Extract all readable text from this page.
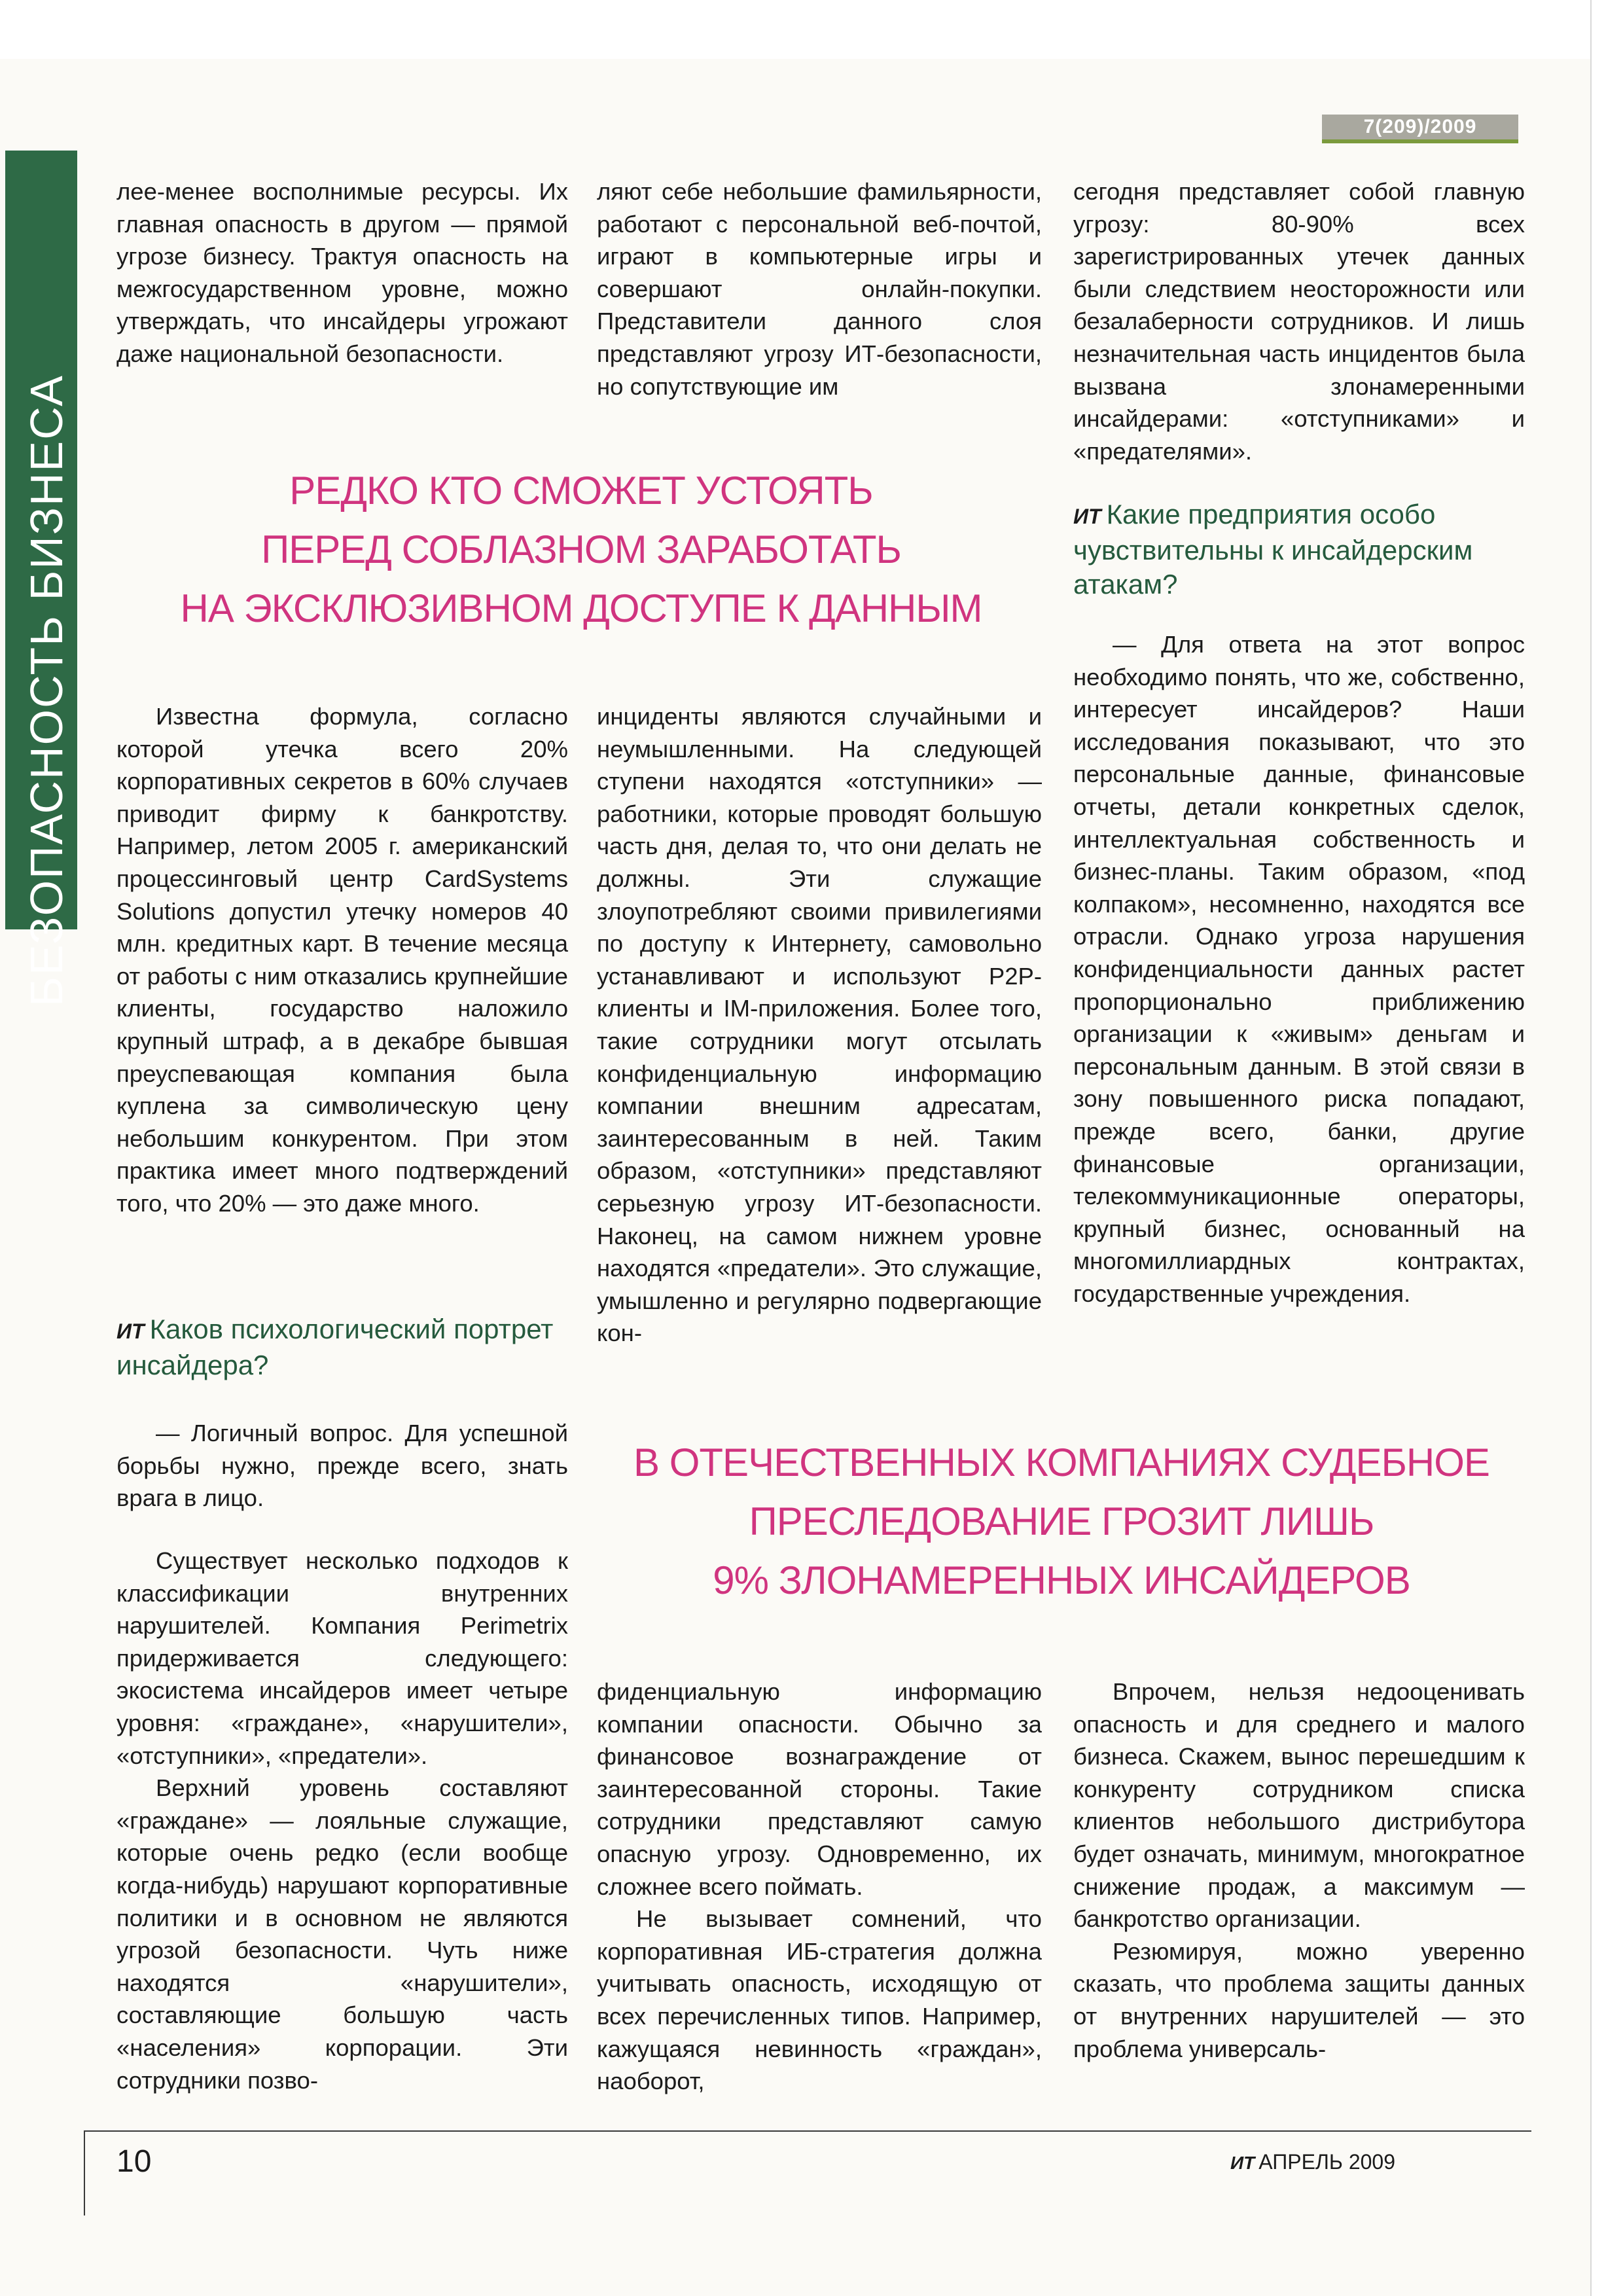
7(209)/2009
БЕЗОПАСНОСТЬ БИЗНЕСА

лее-менее восполнимые ресурсы. Их главная опасность в другом — прямой угрозе бизнесу. Трактуя опасность на межгосударственном уровне, можно утверждать, что инсайдеры угрожают даже национальной безопасности.

ляют себе небольшие фамильярности, работают с персональной веб-почтой, играют в компьютерные игры и совершают онлайн-покупки. Представители данного слоя представляют угрозу ИТ-безопасности, но сопутствующие им

сегодня представляет собой главную угрозу: 80-90% всех зарегистрированных утечек данных были следствием неосторожности или безалаберности сотрудников. И лишь незначительная часть инцидентов была вызвана злонамеренными инсайдерами: «отступниками» и «предателями».

РЕДКО КТО СМОЖЕТ УСТОЯТЬ
ПЕРЕД СОБЛАЗНОМ ЗАРАБОТАТЬ
НА ЭКСКЛЮЗИВНОМ ДОСТУПЕ К ДАННЫМ

ИТ Какие предприятия особо чувствительны к инсайдерским атакам?

Известна формула, согласно которой утечка всего 20% корпоративных секретов в 60% случаев приводит фирму к банкротству. Например, летом 2005 г. американский процессинговый центр CardSystems Solutions допустил утечку номеров 40 млн. кредитных карт. В течение месяца от работы с ним отказались крупнейшие клиенты, государство наложило крупный штраф, а в декабре бывшая преуспевающая компания была куплена за символическую цену небольшим конкурентом. При этом практика имеет много подтверждений того, что 20% — это даже много.

ИТ Каков психологический портрет инсайдера?

— Логичный вопрос. Для успешной борьбы нужно, прежде всего, знать врага в лицо.

инциденты являются случайными и неумышленными. На следующей ступени находятся «отступники» — работники, которые проводят большую часть дня, делая то, что они делать не должны. Эти служащие злоупотребляют своими привилегиями по доступу к Интернету, самовольно устанавливают и используют P2P-клиенты и IM-приложения. Более того, такие сотрудники могут отсылать конфиденциальную информацию компании внешним адресатам, заинтересованным в ней. Таким образом, «отступники» представляют серьезную угрозу ИТ-безопасности. Наконец, на самом нижнем уровне находятся «предатели». Это служащие, умышленно и регулярно подвергающие кон-

— Для ответа на этот вопрос необходимо понять, что же, собственно, интересует инсайдеров? Наши исследования показывают, что это персональные данные, финансовые отчеты, детали конкретных сделок, интеллектуальная собственность и бизнес-планы. Таким образом, «под колпаком», несомненно, находятся все отрасли. Однако угроза нарушения конфиденциальности данных растет пропорционально приближению организации к «живым» деньгам и персональным данным. В этой связи в зону повышенного риска попадают, прежде всего, банки, другие финансовые организации, телекоммуникационные операторы, крупный бизнес, основанный на многомиллиардных контрактах, государственные учреждения.

В ОТЕЧЕСТВЕННЫХ КОМПАНИЯХ СУДЕБНОЕ
ПРЕСЛЕДОВАНИЕ ГРОЗИТ ЛИШЬ
9% ЗЛОНАМЕРЕННЫХ ИНСАЙДЕРОВ

Существует несколько подходов к классификации внутренних нарушителей. Компания Perimetrix придерживается следующего: экосистема инсайдеров имеет четыре уровня: «граждане», «нарушители», «отступники», «предатели».

Верхний уровень составляют «граждане» — лояльные служащие, которые очень редко (если вообще когда-нибудь) нарушают корпоративные политики и в основном не являются угрозой безопасности. Чуть ниже находятся «нарушители», составляющие большую часть «населения» корпорации. Эти сотрудники позво-

фиденциальную информацию компании опасности. Обычно за финансовое вознаграждение от заинтересованной стороны. Такие сотрудники представляют самую опасную угрозу. Одновременно, их сложнее всего поймать.

Не вызывает сомнений, что корпоративная ИБ-стратегия должна учитывать опасность, исходящую от всех перечисленных типов. Например, кажущаяся невинность «граждан», наоборот,

Впрочем, нельзя недооценивать опасность и для среднего и малого бизнеса. Скажем, вынос перешедшим к конкуренту сотрудником списка клиентов небольшого дистрибутора будет означать, минимум, многократное снижение продаж, а максимум — банкротство организации.

Резюмируя, можно уверенно сказать, что проблема защиты данных от внутренних нарушителей — это проблема универсаль-

10	ИТ АПРЕЛЬ 2009
